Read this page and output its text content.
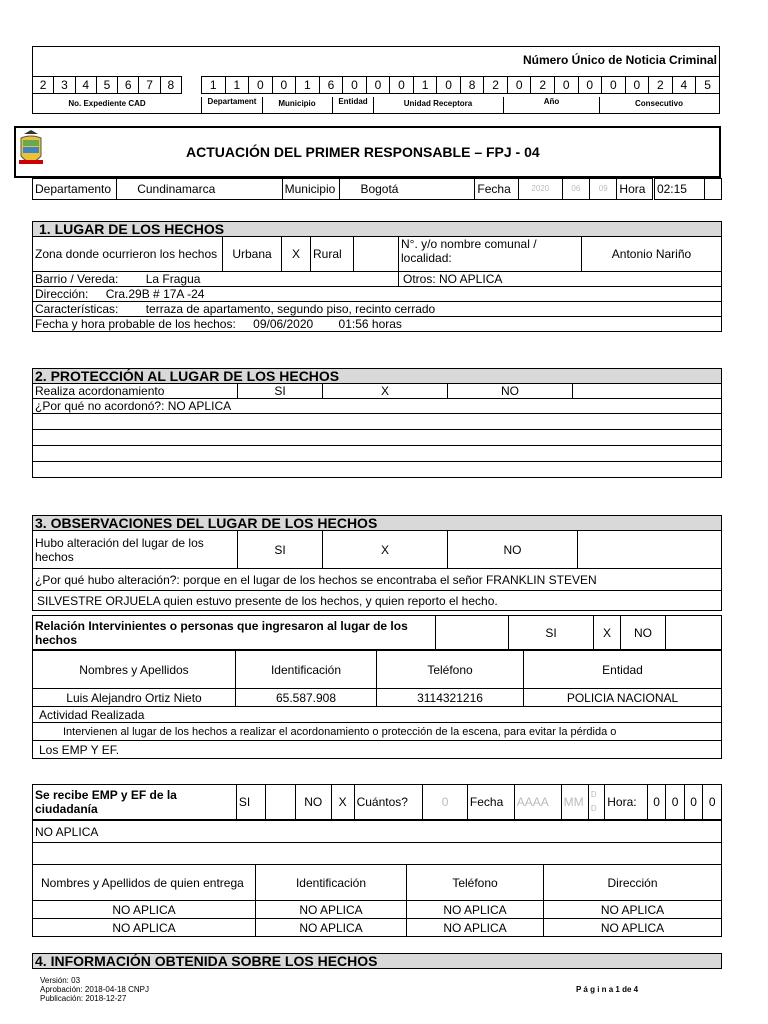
Número Único de Noticia Criminal
2	3	4	5	6	7	8	1	1	0	0	1	6	0	0	0	1	0	8	2	0	2	0	0	0	0	2	4	5
No. Expediente CAD	Departament	Municipio	Entidad	Unidad Receptora	Año	Consecutivo
ACTUACIÓN DEL PRIMER RESPONSABLE – FPJ - 04
Departamento	Cundinamarca	Municipio	Bogotá	Fecha	2020	06	09	Hora	02:15	
1. LUGAR DE LOS HECHOS					
Zona donde ocurrieron los hechos	Urbana	X	Rural		N°. y/o nombre comunal / localidad: Antonio Nariño

Barrio / Vereda: La Fragua					Otros: NO APLICA
Dirección: Cra.29B # 17A -24					
Características: terraza de apartamento, segundo piso, recinto cerrado					
Fecha y hora probable de los hechos: 09/06/2020 01:56 horas					
2. PROTECCIÓN AL LUGAR DE LOS HECHOS
Realiza acordonamiento	SI	X	NO	
¿Por qué no acordonó?: NO APLICA

3. OBSERVACIONES DEL LUGAR DE LOS HECHOS
Hubo alteración del lugar de los hechos	SI	X	NO	
¿Por qué hubo alteración?: porque en el lugar de los hechos se encontraba el señor FRANKLIN STEVEN
SILVESTRE ORJUELA quien estuvo presente de los hechos, y quien reporto el hecho.
Relación Intervinientes o personas que ingresaron al lugar de los hechos		SI	X	NO	
Nombres y Apellidos	Identificación	Teléfono	Entidad
Luis Alejandro Ortiz Nieto	65.587.908	3114321216	POLICIA NACIONAL
Actividad Realizada			
Intervienen al lugar de los hechos a realizar el acordonamiento o protección de la escena, para evitar la pérdida o			
Los EMP Y EF.			
Se recibe EMP y EF de la ciudadanía	SI		NO	X	Cuántos?	0	Fecha	AAAA	MM	D D	Hora:	0	0	0	0
NO APLICA			

Nombres y Apellidos de quien entrega	Identificación	Teléfono	Dirección
NO APLICA	NO APLICA	NO APLICA	NO APLICA
NO APLICA	NO APLICA	NO APLICA	NO APLICA
4. INFORMACIÓN OBTENIDA SOBRE LOS HECHOS
Versión: 03
Aprobación: 2018-04-18 CNPJ
Publicación: 2018-12-27
P á g i n a 1 de 4
